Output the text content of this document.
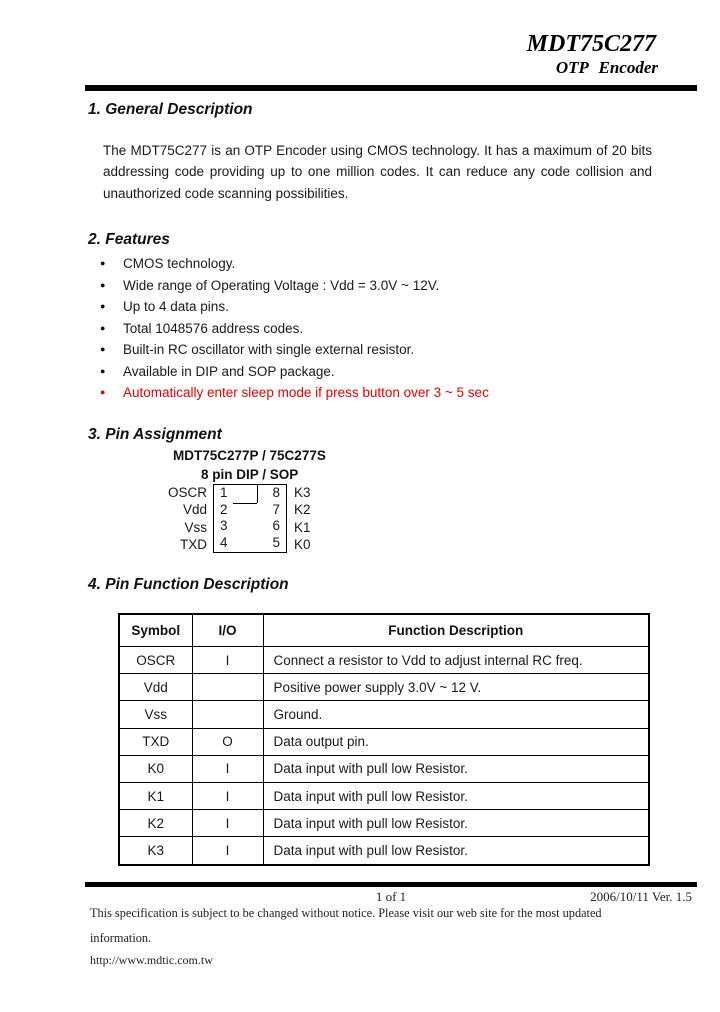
MDT75C277
OTP Encoder
1. General Description
The MDT75C277 is an OTP Encoder using CMOS technology. It has a maximum of 20 bits addressing code providing up to one million codes. It can reduce any code collision and unauthorized code scanning possibilities.
2. Features
●	CMOS technology.
●	Wide range of Operating Voltage : Vdd = 3.0V ~ 12V.
●	Up to 4 data pins.
●	Total 1048576 address codes.
●	Built-in RC oscillator with single external resistor.
●	Available in DIP and SOP package.
●	Automatically enter sleep mode if press button over 3 ~ 5 sec
3. Pin Assignment
MDT75C277P / 75C277S
8 pin DIP / SOP
OSCR
Vdd
Vss
TXD
1	8
2	7
3	6
4	5
K3
K2
K1
K0
4. Pin Function Description
Symbol	I/O	Function Description
OSCR	I	Connect a resistor to Vdd to adjust internal RC freq.
Vdd		Positive power supply 3.0V ~ 12 V.
Vss		Ground.
TXD	O	Data output pin.
K0	I	Data input with pull low Resistor.
K1	I	Data input with pull low Resistor.
K2	I	Data input with pull low Resistor.
K3	I	Data input with pull low Resistor.
1 of 1	2006/10/11 Ver. 1.5
This specification is subject to be changed without notice. Please visit our web site for the most updated
information.
http://www.mdtic.com.tw
